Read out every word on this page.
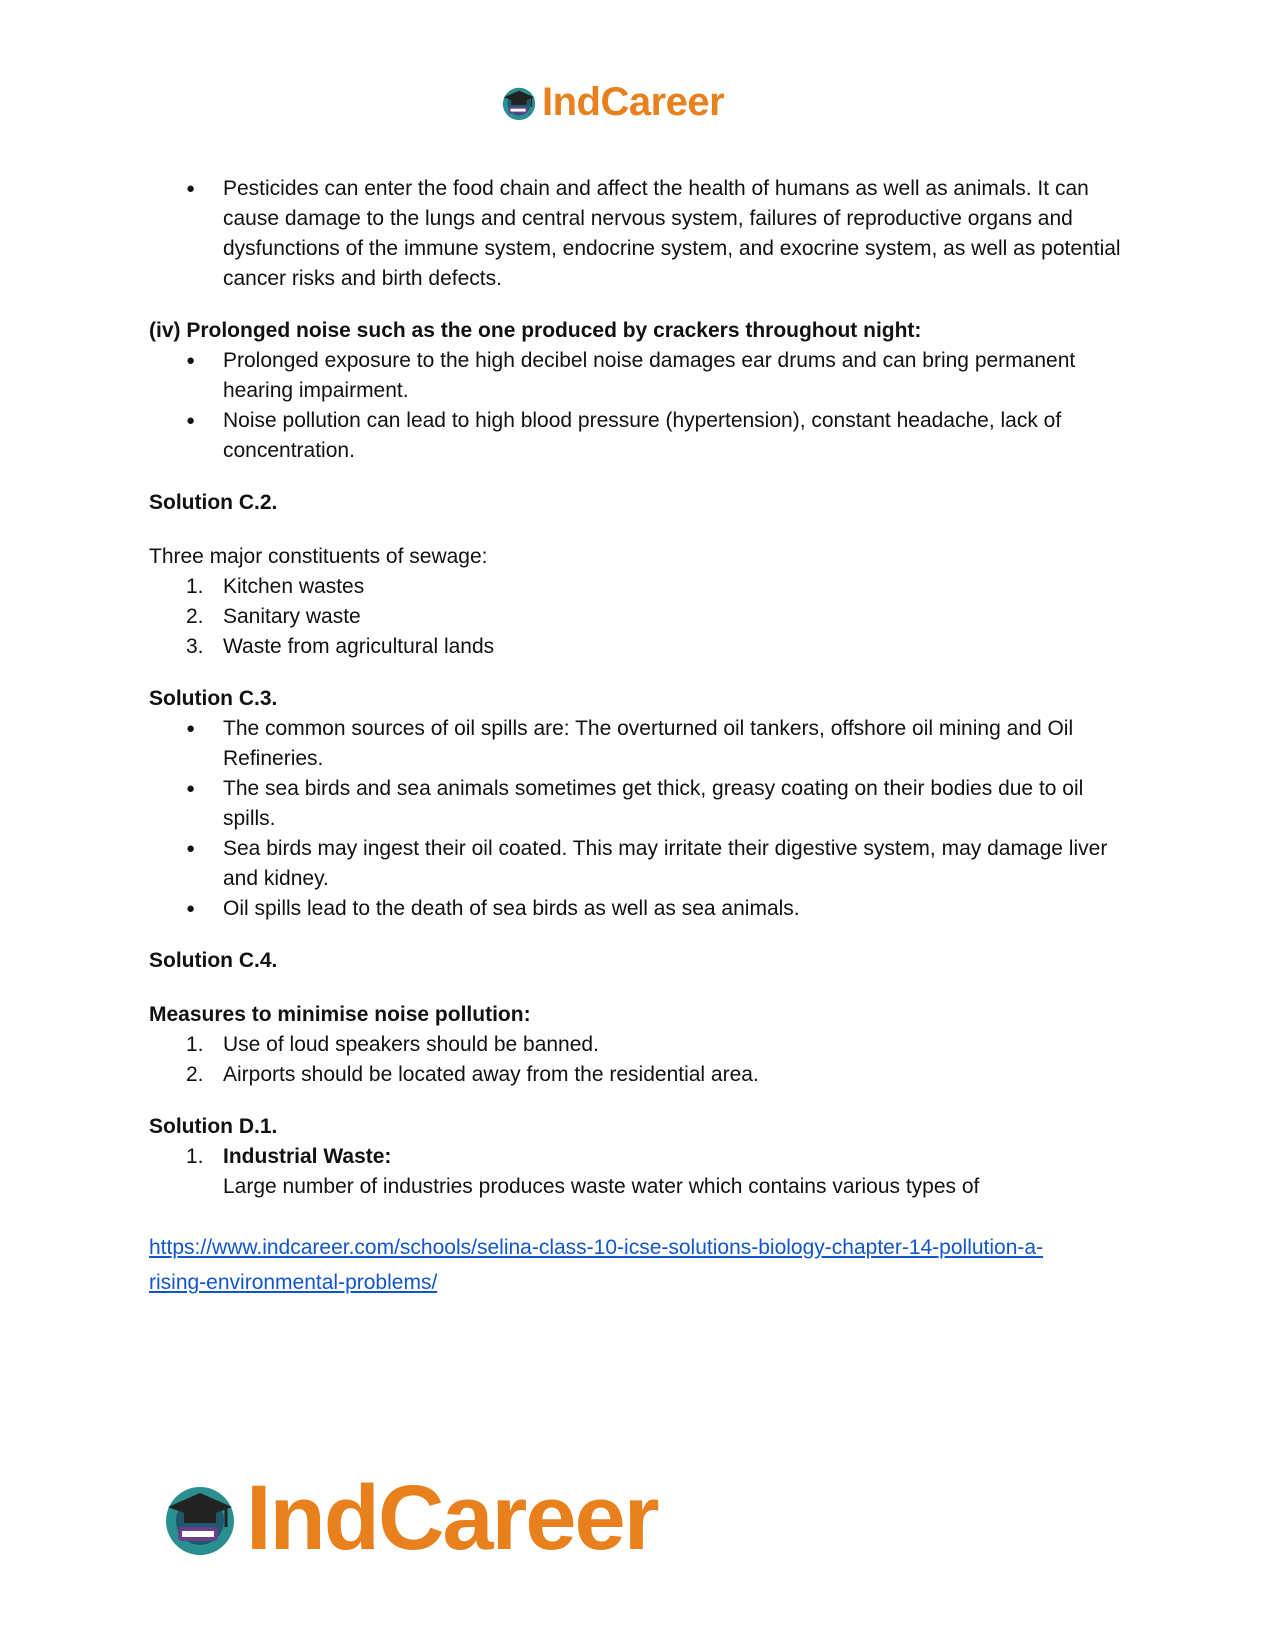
IndCareer
● Pesticides can enter the food chain and affect the health of humans as well as animals. It can cause damage to the lungs and central nervous system, failures of reproductive organs and dysfunctions of the immune system, endocrine system, and exocrine system, as well as potential cancer risks and birth defects.

(iv) Prolonged noise such as the one produced by crackers throughout night:

● Prolonged exposure to the high decibel noise damages ear drums and can bring permanent hearing impairment.
● Noise pollution can lead to high blood pressure (hypertension), constant headache, lack of concentration.

Solution C.2.

Three major constituents of sewage:

1. Kitchen wastes
2. Sanitary waste
3. Waste from agricultural lands

Solution C.3.

● The common sources of oil spills are: The overturned oil tankers, offshore oil mining and Oil Refineries.
● The sea birds and sea animals sometimes get thick, greasy coating on their bodies due to oil spills.
● Sea birds may ingest their oil coated. This may irritate their digestive system, may damage liver and kidney.
● Oil spills lead to the death of sea birds as well as sea animals.

Solution C.4.

Measures to minimise noise pollution:

1. Use of loud speakers should be banned.
2. Airports should be located away from the residential area.

Solution D.1.

1. Industrial Waste:
Large number of industries produces waste water which contains various types of
https://www.indcareer.com/schools/selina-class-10-icse-solutions-biology-chapter-14-pollution-a-
rising-environmental-problems/
IndCareer
